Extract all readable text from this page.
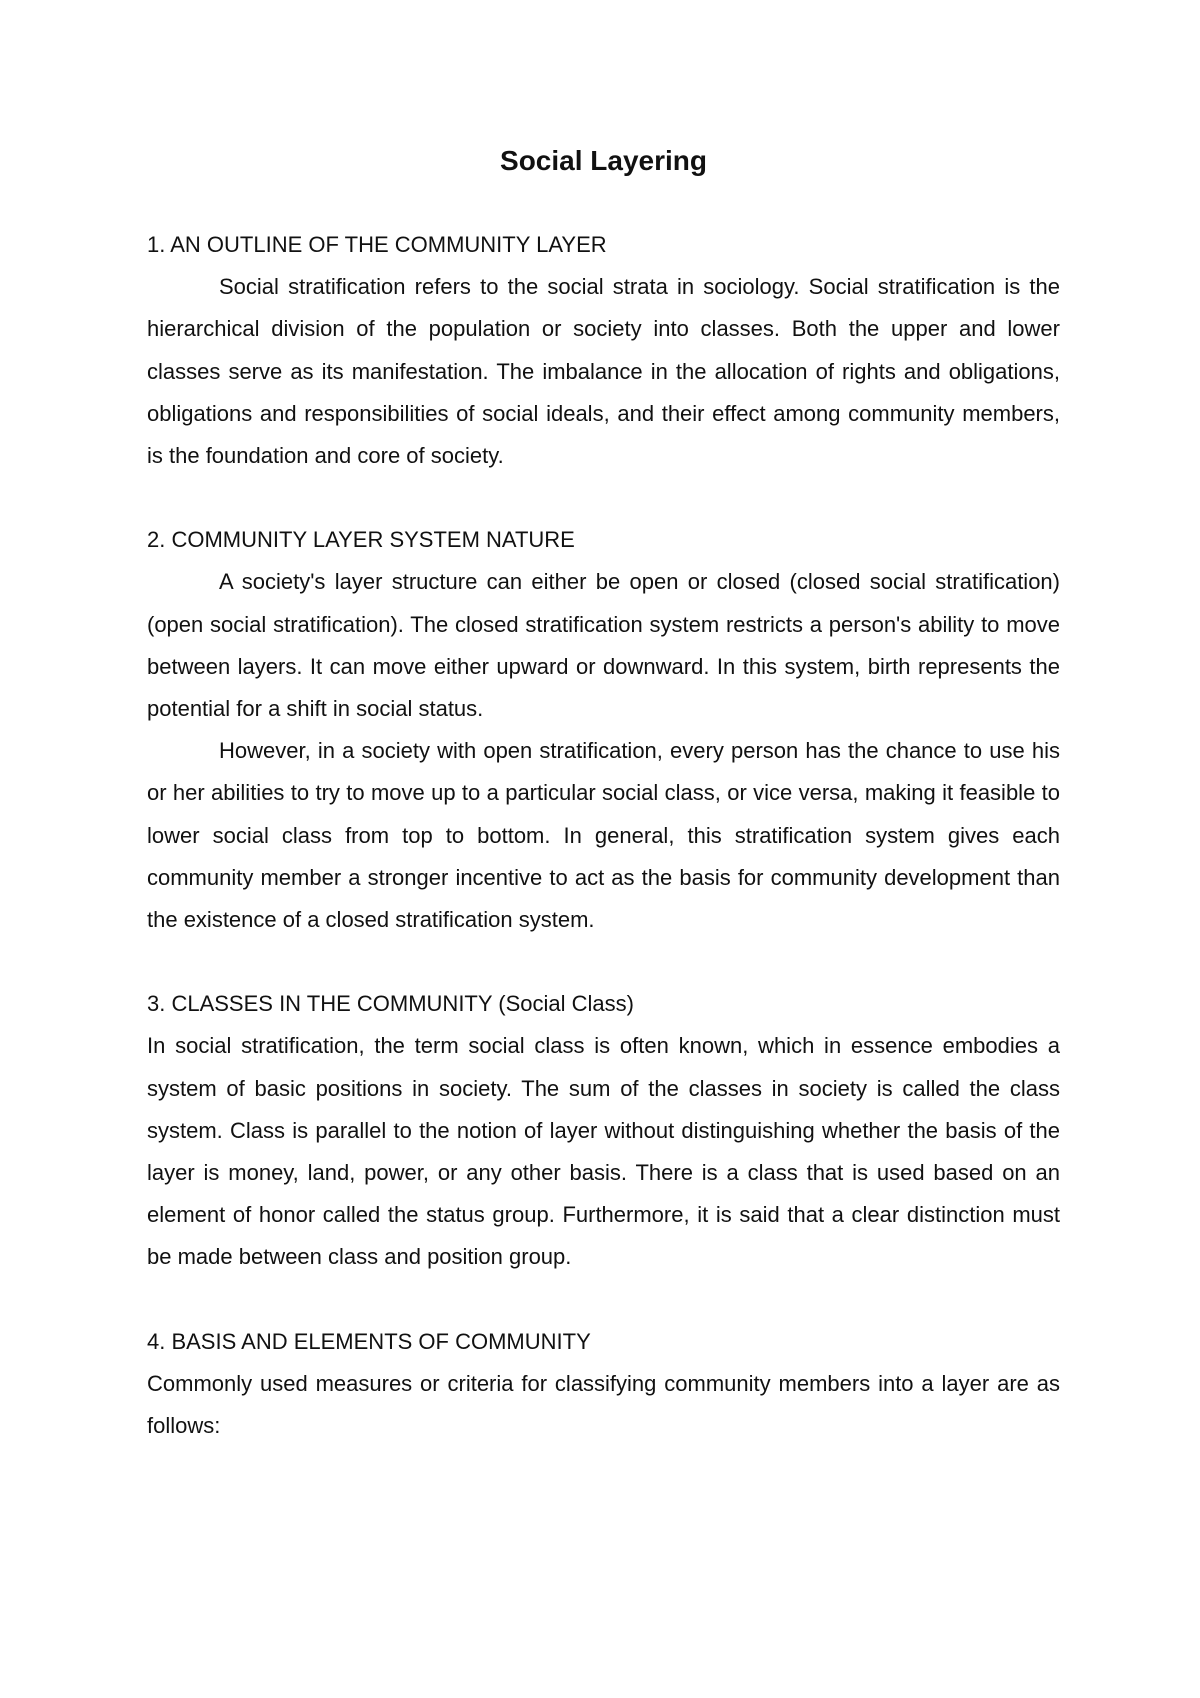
Social Layering
1. AN OUTLINE OF THE COMMUNITY LAYER

Social stratification refers to the social strata in sociology. Social stratification is the hierarchical division of the population or society into classes. Both the upper and lower classes serve as its manifestation. The imbalance in the allocation of rights and obligations, obligations and responsibilities of social ideals, and their effect among community members, is the foundation and core of society.

2. COMMUNITY LAYER SYSTEM NATURE

A society's layer structure can either be open or closed (closed social stratification) (open social stratification). The closed stratification system restricts a person's ability to move between layers. It can move either upward or downward. In this system, birth represents the potential for a shift in social status.

However, in a society with open stratification, every person has the chance to use his or her abilities to try to move up to a particular social class, or vice versa, making it feasible to lower social class from top to bottom. In general, this stratification system gives each community member a stronger incentive to act as the basis for community development than the existence of a closed stratification system.

3. CLASSES IN THE COMMUNITY (Social Class)

In social stratification, the term social class is often known, which in essence embodies a system of basic positions in society. The sum of the classes in society is called the class system. Class is parallel to the notion of layer without distinguishing whether the basis of the layer is money, land, power, or any other basis. There is a class that is used based on an element of honor called the status group. Furthermore, it is said that a clear distinction must be made between class and position group.

4. BASIS AND ELEMENTS OF COMMUNITY

Commonly used measures or criteria for classifying community members into a layer are as follows:
